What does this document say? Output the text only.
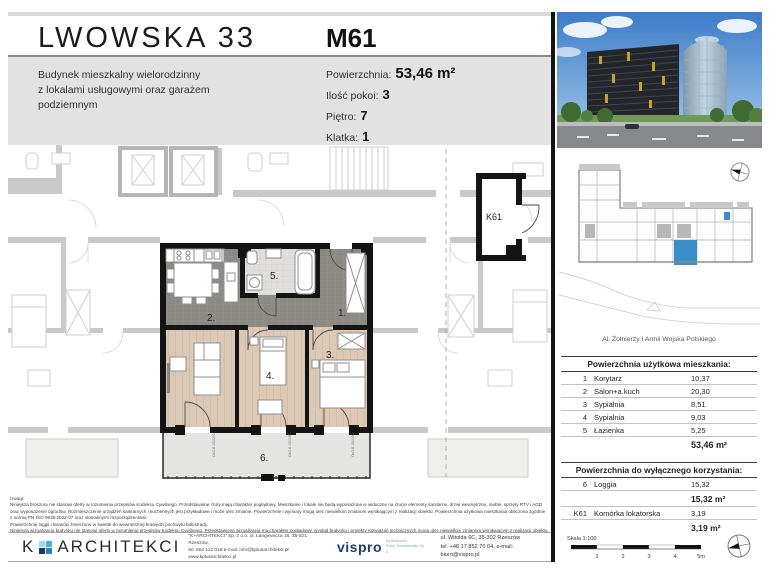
LWOWSKA 33	M61
Budynek mieszkalny wielorodzinny
z lokalami usługowymi oraz garażem
podziemnym
Powierzchnia: 53,46 m²
Ilość pokoi: 3
Piętro: 7
Klatka: 1
OkO-B 150/230	OkO-B 150/230	OkO-B 150/230
1.
2.
3.
4.
5.
6.
K61
Uwagi:
Niniejsza broszura nie stanowi oferty w rozumieniu przepisów Kodeksu Cywilnego. Przedstawione rzuty mają charakter poglądowy. Mieszkanie i lokale nie będą wyposażone w widoczne na rzucie elementy sanitarne, drzwi wewnętrzne, meble, sprzęty RTV i AGD
oraz wyposażenie ogrodów. Rozmieszczenie urządzeń sanitarnych i kuchennych jest przykładowe i może ulec zmianie. Powierzchnie i wymiary mogą ulec niewielkim zmianom wynikającym z realizacji obiektu. Powierzchnia użytkowa mieszkania obliczona zgodnie
z normą PN-ISO 9836:2022-07 oraz stosownymi rozporządzeniami.
Powierzchnię loggii i tarasów zmierzono w świetle do wewnętrznej krawędzi pochwytu balustrady.
Niniejsza wizualizacja budynku nie stanowi oferty w rozumieniu przepisów Kodeksu Cywilnego. Przedstawiona wizualizacja ma charakter poglądowy, wygląd budynku i projekty rozwiązań technicznych mogą ulec niewielkim zmianom wynikającym z realizacji obiektu.
K ARCHITEKCI
"K+ARCHITEKCI" Sp. z o.o. ul. Langiewicza 18, 35-021 Rzeszów,
tel. 602 112 018 e-mail: info@kplusarchitekci.pl
www.kplusarchitekci.pl
vispro Development
Pełka Tomaszewska Sp. k.
ul. Witolda 6C, 35-302 Rzeszów
tel. +48 17 852 70 04, e-mail: biuro@vispro.pl
Al. Żołnierzy I Armii Wojska Polskiego
Powierzchnia użytkowa mieszkania:
1 Korytarz	10,37
2 Salon+a.kuch	20,30
3 Sypialnia	8,51
4 Sypialnia	9,03
5 Łazienka	5,25
53,46 m²
Powierzchnia do wyłącznego korzystania:
6 Loggia	15,32
15,32 m²
K61 Komórka lokatorska	3,19
3,19 m²
Skala 1:100
1	2	3	4	5m
